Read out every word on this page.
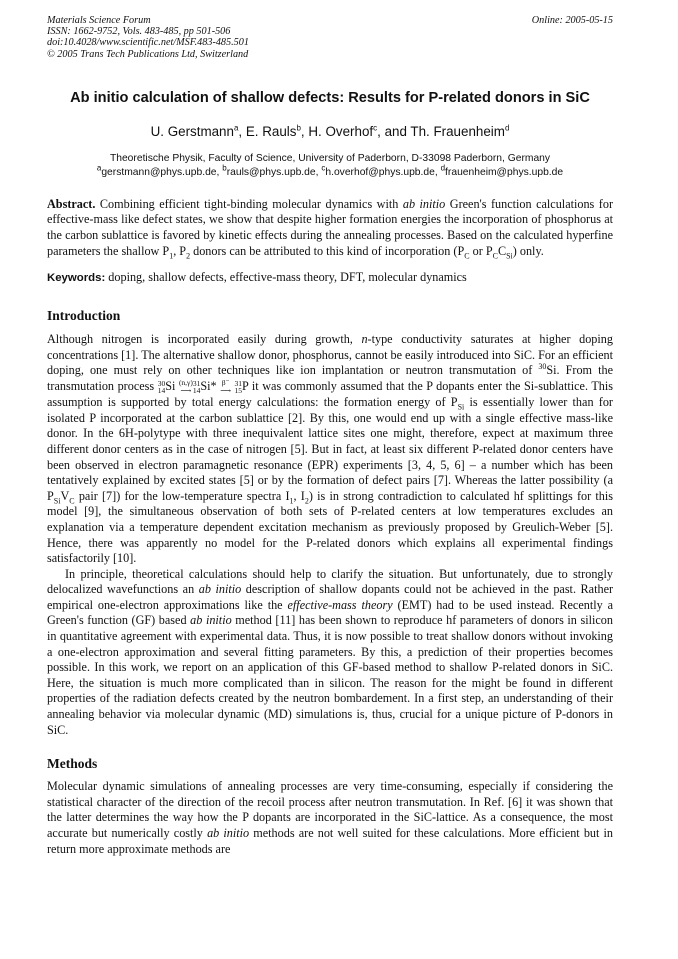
Materials Science Forum
ISSN: 1662-9752, Vols. 483-485, pp 501-506
doi:10.4028/www.scientific.net/MSF.483-485.501
© 2005 Trans Tech Publications Ltd, Switzerland
Online: 2005-05-15
Ab initio calculation of shallow defects: Results for P-related donors in SiC
U. Gerstmann$^a$, E. Rauls$^b$, H. Overhof$^c$, and Th. Frauenheim$^d$
Theoretische Physik, Faculty of Science, University of Paderborn, D-33098 Paderborn, Germany
$^a$gerstmann@phys.upb.de, $^b$rauls@phys.upb.de, $^c$h.overhof@phys.upb.de, $^d$frauenheim@phys.upb.de

Abstract. Combining efficient tight-binding molecular dynamics with ab initio Green's function calculations for effective-mass like defect states, we show that despite higher formation energies the incorporation of phosphorus at the carbon sublattice is favored by kinetic effects during the annealing processes. Based on the calculated hyperfine parameters the shallow $P_1$, $P_2$ donors can be attributed to this kind of incorporation ($P_C$ or $P_CC_{Si}$) only.

Keywords: doping, shallow defects, effective-mass theory, DFT, molecular dynamics
Introduction

Although nitrogen is incorporated easily during growth, n-type conductivity saturates at higher doping concentrations [1]. The alternative shallow donor, phosphorus, cannot be easily introduced into SiC. For an efficient doping, one must rely on other techniques like ion implantation or neutron transmutation of $^{30}$Si. From the transmutation process 30
14Si (n,γ)
⟶31
14Si* β⁻
⟶ 31
15P it was commonly assumed that the P dopants enter the Si-sublattice. This assumption is supported by total energy calculations: the formation energy of $P_{Si}$ is essentially lower than for isolated P incorporated at the carbon sublattice [2]. By this, one would end up with a single effective mass-like donor. In the 6H-polytype with three inequivalent lattice sites one might, therefore, expect at maximum three different donor centers as in the case of nitrogen [5]. But in fact, at least six different P-related donor centers have been observed in electron paramagnetic resonance (EPR) experiments [3, 4, 5, 6] – a number which has been tentatively explained by excited states [5] or by the formation of defect pairs [7]. Whereas the latter possibility (a $P_{Si}V_C$ pair [7]) for the low-temperature spectra $I_1$, $I_2$) is in strong contradiction to calculated hf splittings for this model [9], the simultaneous observation of both sets of P-related centers at low temperatures excludes an explanation via a temperature dependent excitation mechanism as previously proposed by Greulich-Weber [5]. Hence, there was apparently no model for the P-related donors which explains all experimental findings satisfactorily [10].

In principle, theoretical calculations should help to clarify the situation. But unfortunately, due to strongly delocalized wavefunctions an ab initio description of shallow dopants could not be achieved in the past. Rather empirical one-electron approximations like the effective-mass theory (EMT) had to be used instead. Recently a Green's function (GF) based ab initio method [11] has been shown to reproduce hf parameters of donors in silicon in quantitative agreement with experimental data. Thus, it is now possible to treat shallow donors without invoking a one-electron approximation and several fitting parameters. By this, a prediction of their properties becomes possible. In this work, we report on an application of this GF-based method to shallow P-related donors in SiC. Here, the situation is much more complicated than in silicon. The reason for the might be found in different properties of the radiation defects created by the neutron bombardement. In a first step, an understanding of their annealing behavior via molecular dynamic (MD) simulations is, thus, crucial for a unique picture of P-donors in SiC.

Methods

Molecular dynamic simulations of annealing processes are very time-consuming, especially if considering the statistical character of the direction of the recoil process after neutron transmutation. In Ref. [6] it was shown that the latter determines the way how the P dopants are incorporated in the SiC-lattice. As a consequence, the most accurate but numerically costly ab initio methods are not well suited for these calculations. More efficient but in return more approximate methods are
